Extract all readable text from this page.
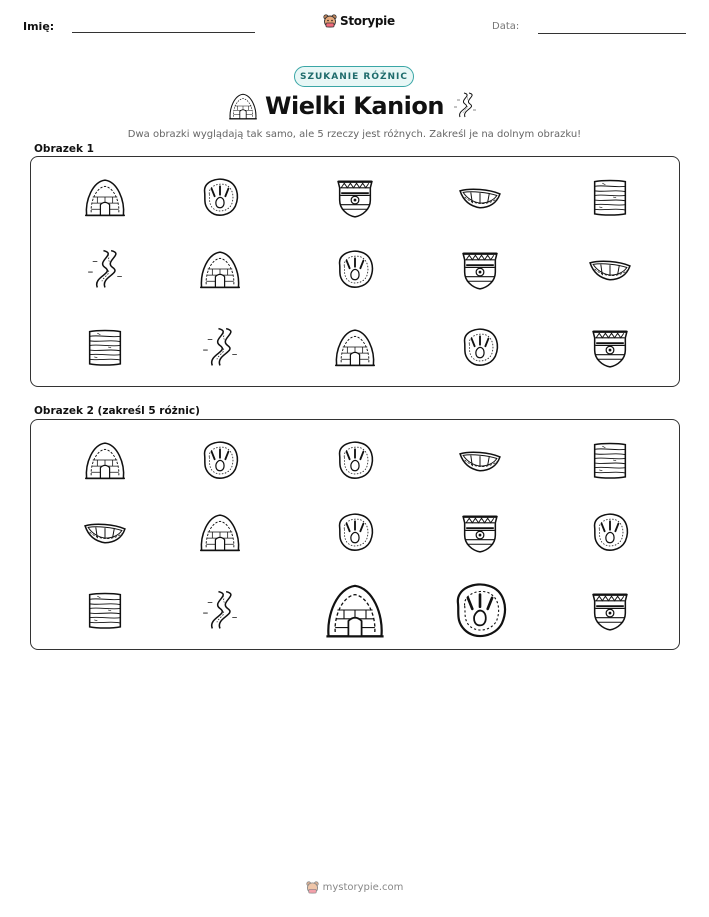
Imię:	Storypie	Data:
SZUKANIE RÓŻNIC
Wielki Kanion
Dwa obrazki wyglądają tak samo, ale 5 rzeczy jest różnych. Zakreśl je na dolnym obrazku!
Obrazek 1
Obrazek 2 (zakreśl 5 różnic)
mystorypie.com
